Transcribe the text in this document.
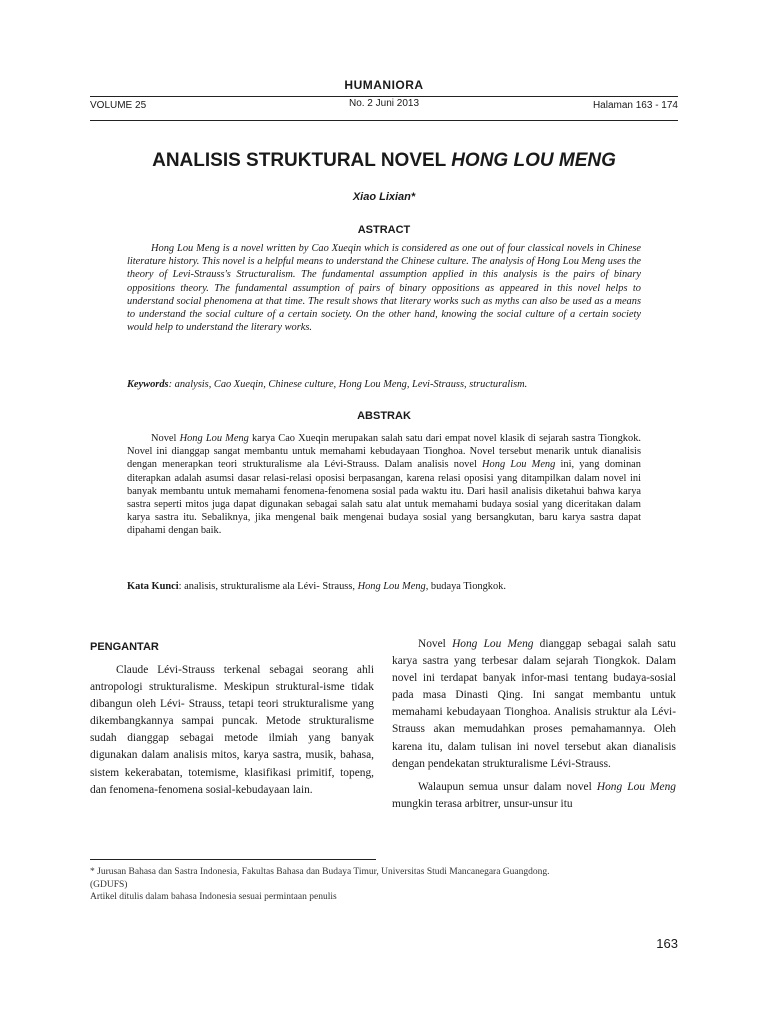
HUMANIORA
VOLUME 25	No. 2 Juni 2013	Halaman 163 - 174
ANALISIS STRUKTURAL NOVEL HONG LOU MENG
Xiao Lixian*
ASTRACT

Hong Lou Meng is a novel written by Cao Xueqin which is considered as one out of four classical novels in Chinese literature history. This novel is a helpful means to understand the Chinese culture. The analysis of Hong Lou Meng uses the theory of Levi-Strauss's Structuralism. The fundamental assumption applied in this analysis is the pairs of binary oppositions theory. The fundamental assumption of pairs of binary oppositions as appeared in this novel helps to understand social phenomena at that time. The result shows that literary works such as myths can also be used as a means to understand the social culture of a certain society. On the other hand, knowing the social culture of a certain society would help to understand the literary works.

Keywords: analysis, Cao Xueqin, Chinese culture, Hong Lou Meng, Levi-Strauss, structuralism.
ABSTRAK

Novel Hong Lou Meng karya Cao Xueqin merupakan salah satu dari empat novel klasik di sejarah sastra Tiongkok. Novel ini dianggap sangat membantu untuk memahami kebudayaan Tionghoa. Novel tersebut menarik untuk dianalisis dengan menerapkan teori strukturalisme ala Lévi-Strauss. Dalam analisis novel Hong Lou Meng ini, yang dominan diterapkan adalah asumsi dasar relasi-relasi oposisi berpasangan, karena relasi oposisi yang ditampilkan dalam novel ini banyak membantu untuk memahami fenomena-fenomena sosial pada waktu itu. Dari hasil analisis diketahui bahwa karya sastra seperti mitos juga dapat digunakan sebagai salah satu alat untuk memahami budaya sosial yang diceritakan dalam karya sastra itu. Sebaliknya, jika mengenal baik mengenai budaya sosial yang bersangkutan, baru karya sastra dapat dipahami dengan baik.

Kata Kunci: analisis, strukturalisme ala Lévi- Strauss, Hong Lou Meng, budaya Tiongkok.
PENGANTAR

Claude Lévi-Strauss terkenal sebagai seorang ahli antropologi strukturalisme. Meskipun struktural-isme tidak dibangun oleh Lévi- Strauss, tetapi teori strukturalisme yang dikembangkannya sampai puncak. Metode strukturalisme sudah dianggap sebagai metode ilmiah yang banyak digunakan dalam analisis mitos, karya sastra, musik, bahasa, sistem kekerabatan, totemisme, klasifikasi primitif, topeng, dan fenomena-fenomena sosial-kebudayaan lain.

Novel Hong Lou Meng dianggap sebagai salah satu karya sastra yang terbesar dalam sejarah Tiongkok. Dalam novel ini terdapat banyak infor-masi tentang budaya-sosial pada masa Dinasti Qing. Ini sangat membantu untuk memahami kebudayaan Tionghoa. Analisis struktur ala Lévi-Strauss akan memudahkan proses pemahamannya. Oleh karena itu, dalam tulisan ini novel tersebut akan dianalisis dengan pendekatan strukturalisme Lévi-Strauss.

Walaupun semua unsur dalam novel Hong Lou Meng mungkin terasa arbitrer, unsur-unsur itu

* Jurusan Bahasa dan Sastra Indonesia, Fakultas Bahasa dan Budaya Timur, Universitas Studi Mancanegara Guangdong.
(GDUFS)
Artikel ditulis dalam bahasa Indonesia sesuai permintaan penulis
163
